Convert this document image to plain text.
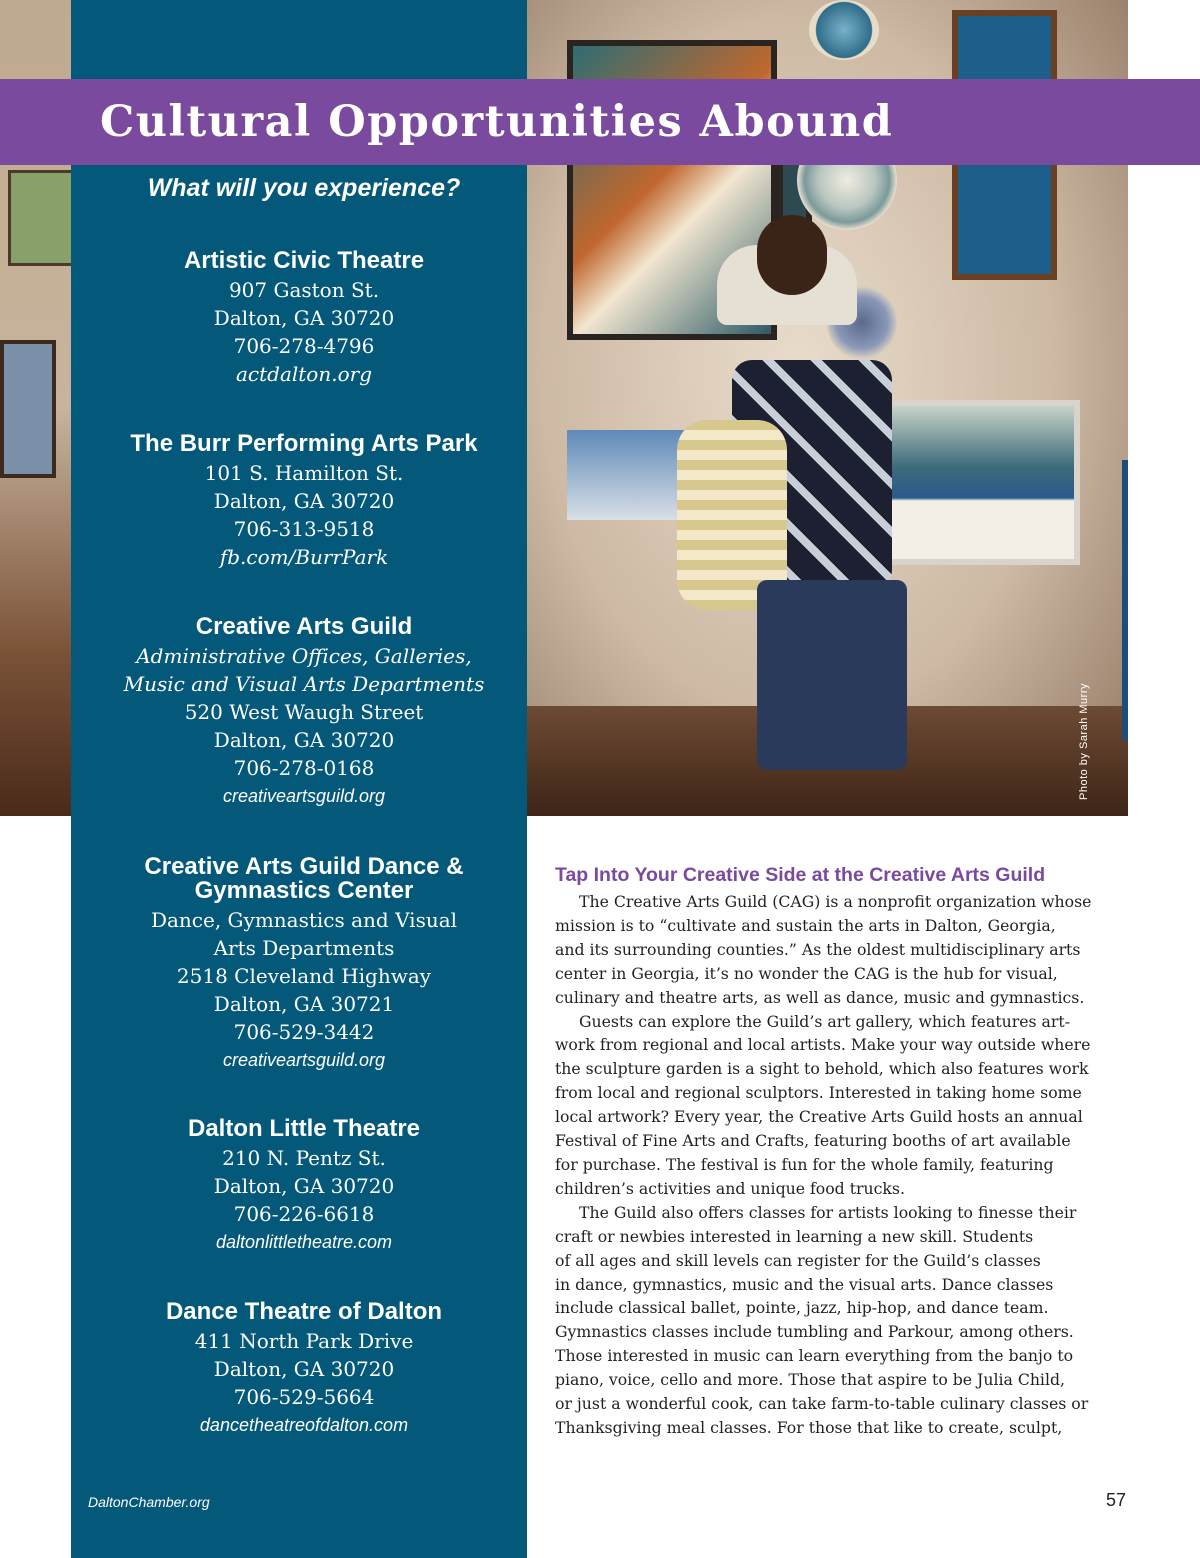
Photo by Sarah Murry
Cultural Opportunities Abound
What will you experience?
Artistic Civic Theatre
907 Gaston St.
Dalton, GA 30720
706-278-4796
actdalton.org
The Burr Performing Arts Park
101 S. Hamilton St.
Dalton, GA 30720
706-313-9518
fb.com/BurrPark
Creative Arts Guild
Administrative Offices, Galleries,
Music and Visual Arts Departments
520 West Waugh Street
Dalton, GA 30720
706-278-0168
creativeartsguild.org
Creative Arts Guild Dance &
Gymnastics Center
Dance, Gymnastics and Visual
Arts Departments
2518 Cleveland Highway
Dalton, GA 30721
706-529-3442
creativeartsguild.org
Dalton Little Theatre
210 N. Pentz St.
Dalton, GA 30720
706-226-6618
daltonlittletheatre.com
Dance Theatre of Dalton
411 North Park Drive
Dalton, GA 30720
706-529-5664
dancetheatreofdalton.com
Tap Into Your Creative Side at the Creative Arts Guild

The Creative Arts Guild (CAG) is a nonprofit organization whose
mission is to “cultivate and sustain the arts in Dalton, Georgia,
and its surrounding counties.” As the oldest multidisciplinary arts
center in Georgia, it’s no wonder the CAG is the hub for visual,
culinary and theatre arts, as well as dance, music and gymnastics.

Guests can explore the Guild’s art gallery, which features art-
work from regional and local artists. Make your way outside where
the sculpture garden is a sight to behold, which also features work
from local and regional sculptors. Interested in taking home some
local artwork? Every year, the Creative Arts Guild hosts an annual
Festival of Fine Arts and Crafts, featuring booths of art available
for purchase. The festival is fun for the whole family, featuring
children’s activities and unique food trucks.

The Guild also offers classes for artists looking to finesse their
craft or newbies interested in learning a new skill. Students
of all ages and skill levels can register for the Guild’s classes
in dance, gymnastics, music and the visual arts. Dance classes
include classical ballet, pointe, jazz, hip-hop, and dance team.
Gymnastics classes include tumbling and Parkour, among others.
Those interested in music can learn everything from the banjo to
piano, voice, cello and more. Those that aspire to be Julia Child,
or just a wonderful cook, can take farm-to-table culinary classes or
Thanksgiving meal classes. For those that like to create, sculpt,

DaltonChamber.org	57
